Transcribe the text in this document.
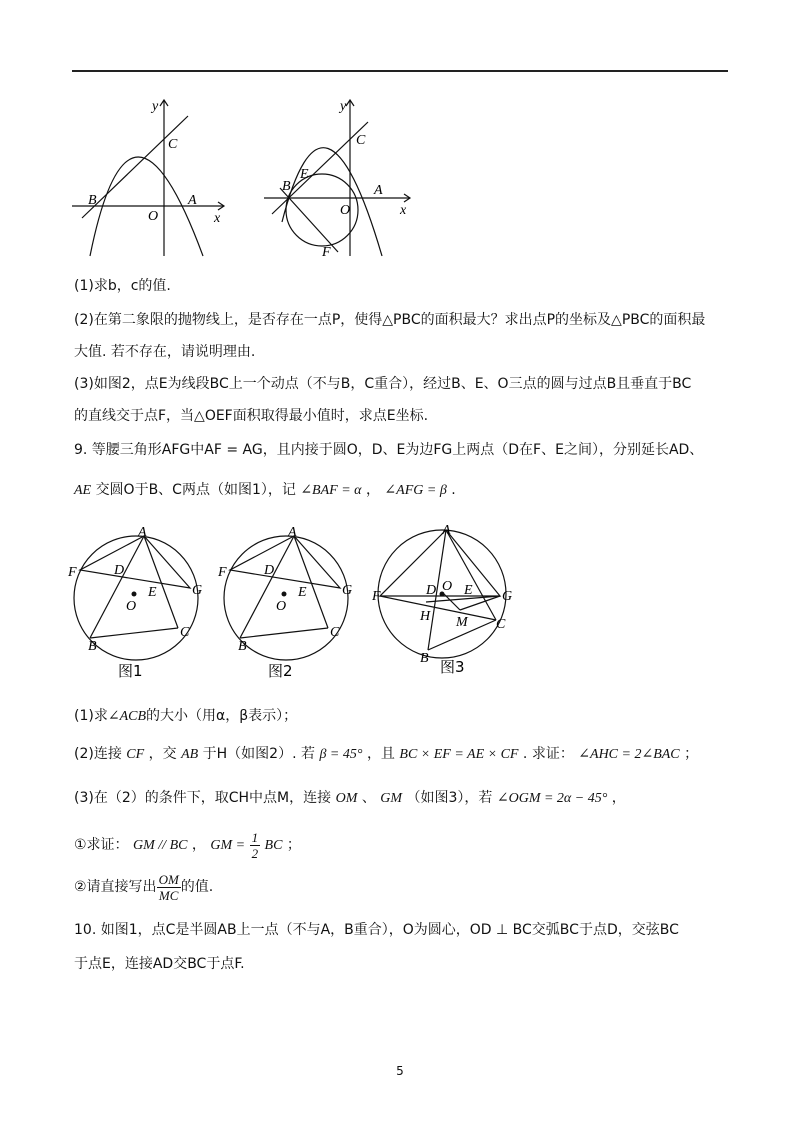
y
x
C
B
O
A
y
x
C
B
E
O
A
F
(1)求b，c的值.
(2)在第二象限的抛物线上，是否存在一点P，使得△PBC的面积最大？求出点P的坐标及△PBC的面积最
大值. 若不存在，请说明理由.
(3)如图2，点E为线段BC上一个动点（不与B，C重合），经过B、E、O三点的圆与过点B且垂直于BC
的直线交于点F，当△OEF面积取得最小值时，求点E坐标.
9. 等腰三角形AFG中AF = AG，且内接于圆O，D、E为边FG上两点（D在F、E之间），分别延长AD、
AE 交圆O于B、C两点（如图1），记 ∠BAF = α ， ∠AFG = β .
A
F	D
E	G
O
B
C
图1
A
F	D
E	G
O
B
C
图2
A
F	D O E G
H M C
B 图3
(1)求∠ACB的大小（用α，β表示）；
(2)连接 CF ，交 AB 于H（如图2）. 若 β = 45° ，且 BC × EF = AE × CF . 求证： ∠AHC = 2∠BAC ；
(3)在（2）的条件下，取CH中点M，连接 OM 、 GM （如图3），若 ∠OGM = 2α − 45° ，
①求证： GM // BC ， GM = $\frac{1}{2}$ BC ；
②请直接写出 $\frac{OM}{MC}$ 的值.
10. 如图1，点C是半圆AB上一点（不与A，B重合），O为圆心，OD ⊥ BC交弧BC于点D，交弦BC
于点E，连接AD交BC于点F.
5
